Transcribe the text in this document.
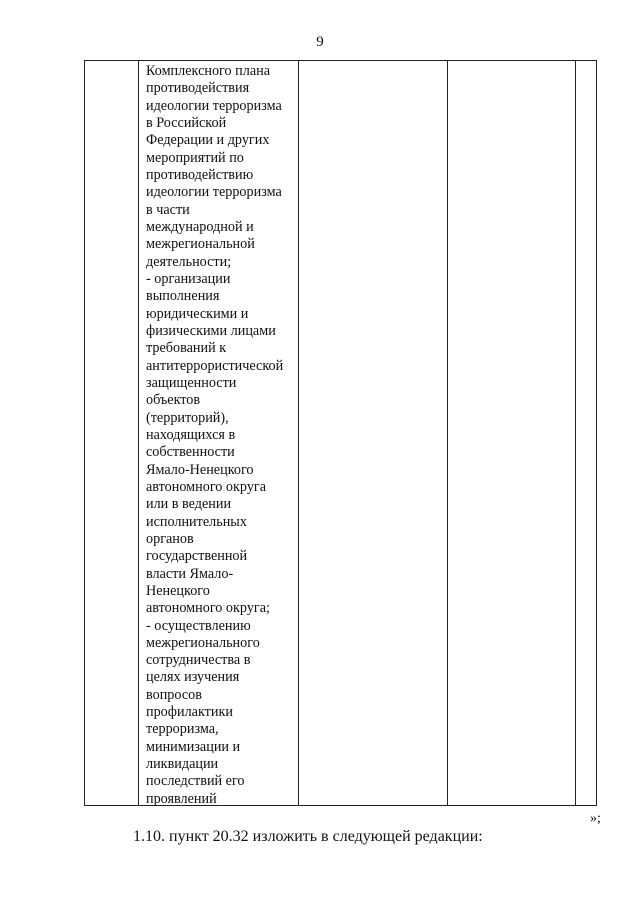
9
Комплексного плана
противодействия
идеологии терроризма
в Российской
Федерации и других
мероприятий по
противодействию
идеологии терроризма
в части
международной и
межрегиональной
деятельности;
- организации
выполнения
юридическими и
физическими лицами
требований к
антитеррористической
защищенности
объектов
(территорий),
находящихся в
собственности
Ямало-Ненецкого
автономного округа
или в ведении
исполнительных
органов
государственной
власти Ямало-
Ненецкого
автономного округа;
- осуществлению
межрегионального
сотрудничества в
целях изучения
вопросов
профилактики
терроризма,
минимизации и
ликвидации
последствий его
проявлений
»;
1.10. пункт 20.32 изложить в следующей редакции:
